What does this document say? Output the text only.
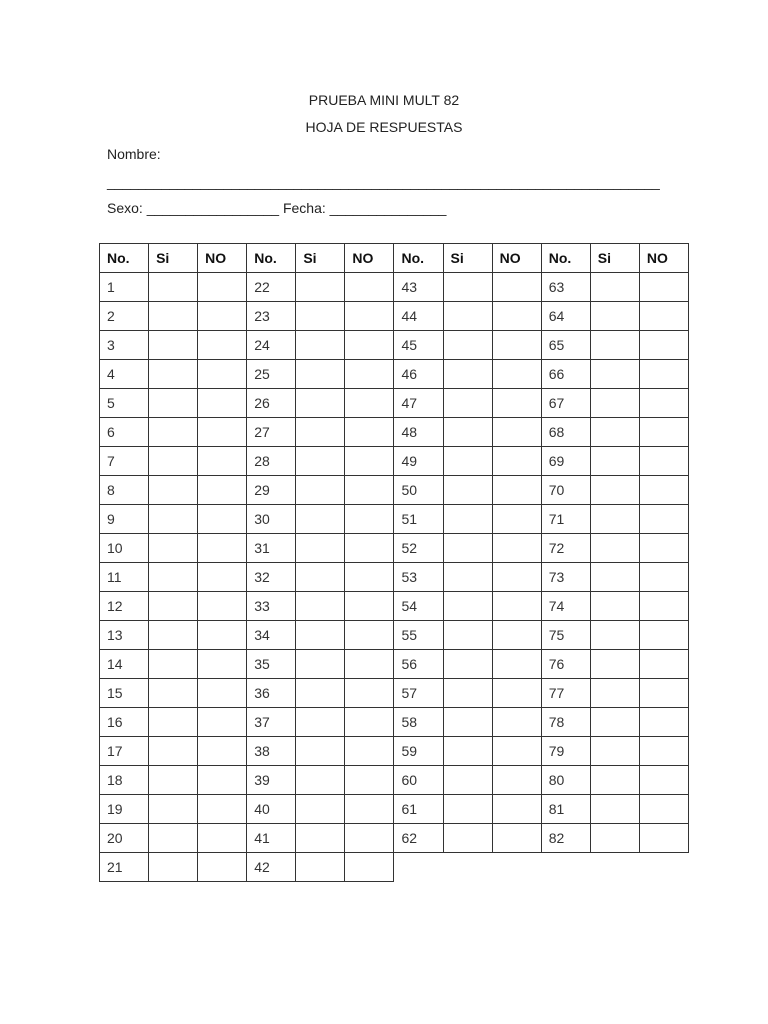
PRUEBA MINI MULT 82
HOJA DE RESPUESTAS
Nombre:
_______________________________________________________________________
Sexo: _________________ Fecha: _______________
No.	Si	NO	No.	Si	NO	No.	Si	NO	No.	Si	NO
1			22			43			63		
2			23			44			64		
3			24			45			65		
4			25			46			66		
5			26			47			67		
6			27			48			68		
7			28			49			69		
8			29			50			70		
9			30			51			71		
10			31			52			72		
11			32			53			73		
12			33			54			74		
13			34			55			75		
14			35			56			76		
15			36			57			77		
16			37			58			78		
17			38			59			79		
18			39			60			80		
19			40			61			81		
20			41			62			82		
21			42								
